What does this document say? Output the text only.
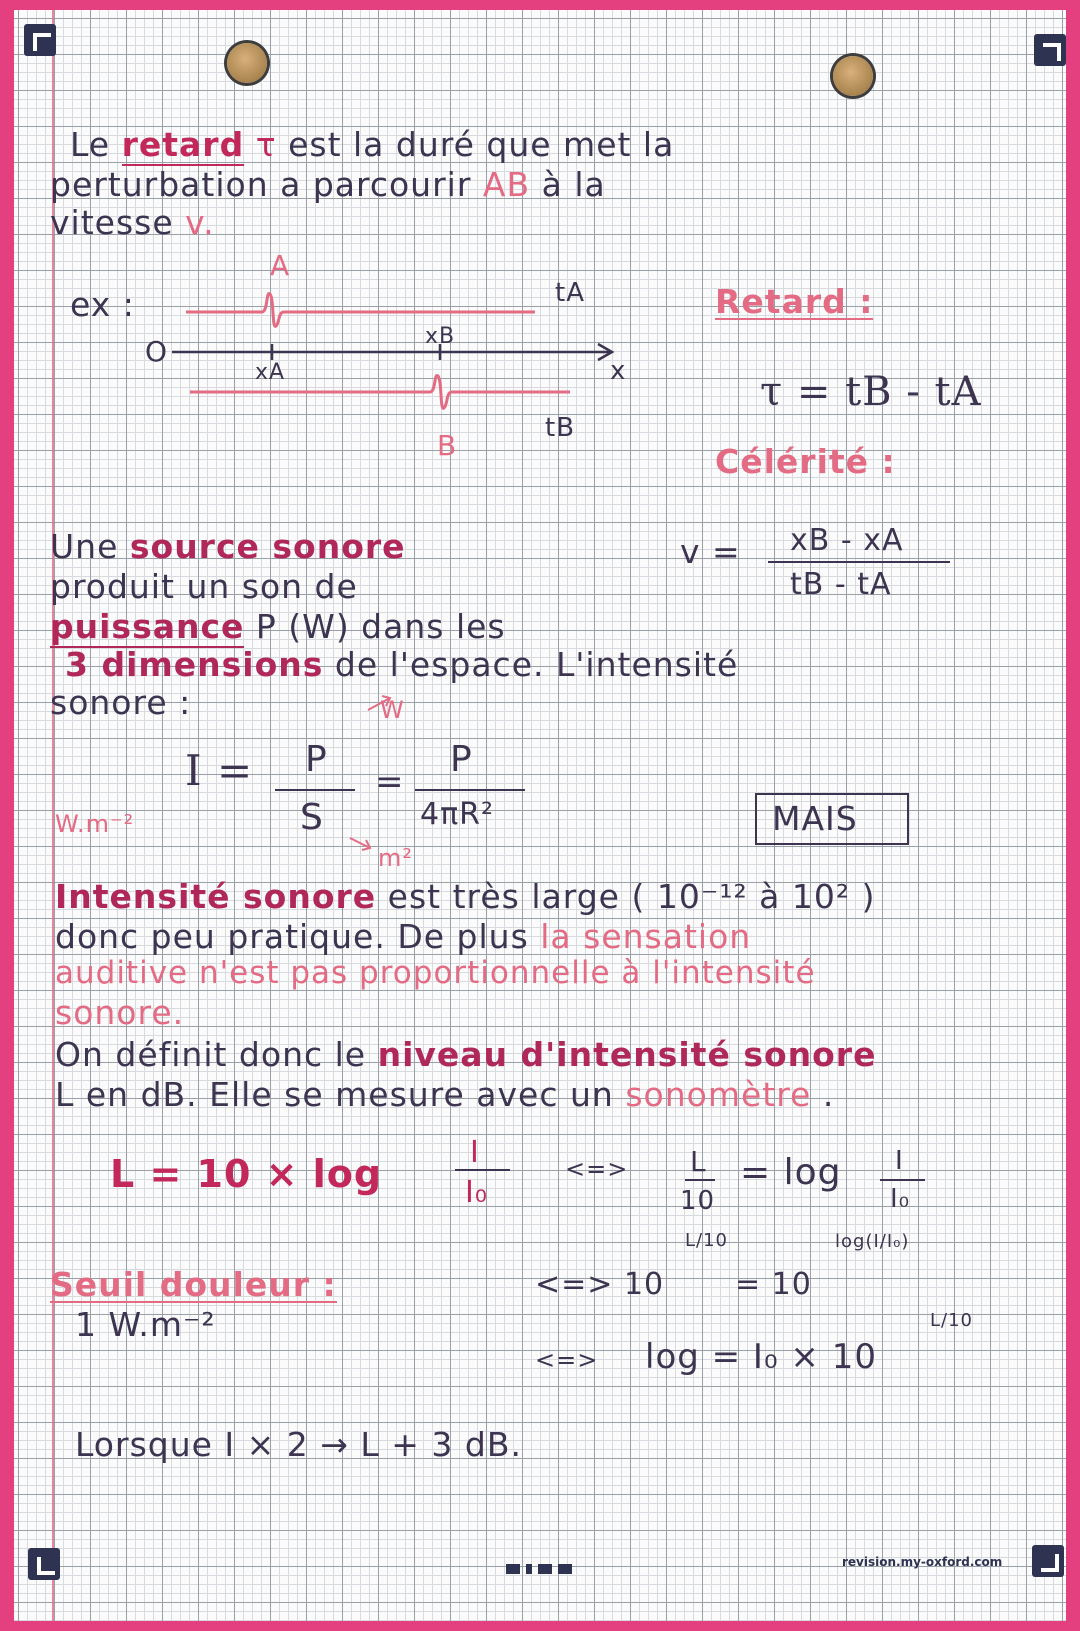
Le retard τ est la duré que met la
perturbation a parcourir AB à la
vitesse v.
ex :
O
A
B
xA
xB
x
tA
tB
Retard :
τ = tB - tA
Célérité :
v = xB - xA
tB - tA
Une source sonore
produit un son de
puissance P (W) dans les
3 dimensions de l'espace. L'intensité
sonore :	W
I = P
S
=
P
4πR²
W.m⁻²
m²
MAIS
Intensité sonore est très large ( 10⁻¹² à 10² )
donc peu pratique. De plus la sensation
auditive n'est pas proportionnelle à l'intensité
sonore.
On définit donc le niveau d'intensité sonore
L en dB. Elle se mesure avec un sonomètre .
L = 10 × log	I
I₀
<=> L
10
= log I
I₀
<=> 10
L/10
= 10
log(I/I₀)
<=> log = I₀ × 10
L/10
Seuil douleur :
1 W.m⁻²
Lorsque I × 2 → L + 3 dB.
revision.my-oxford.com
